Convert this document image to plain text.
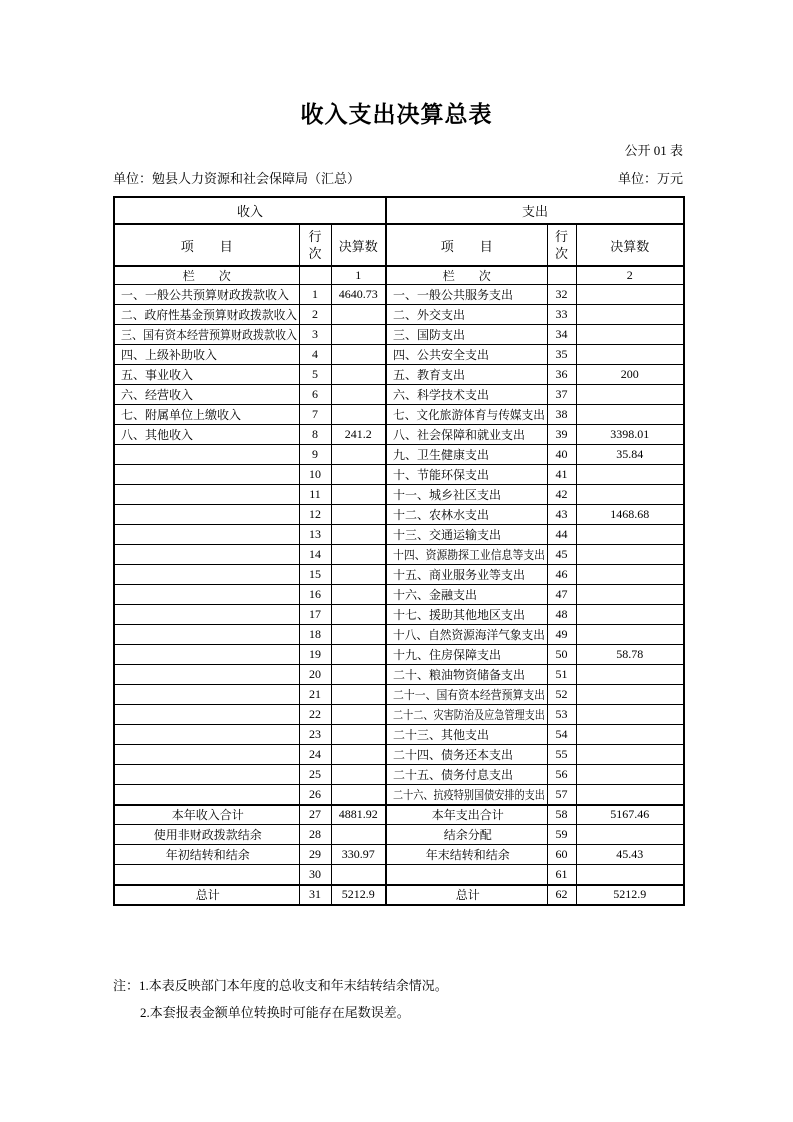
收入支出决算总表
公开 01 表
单位：勉县人力资源和社会保障局（汇总）	单位：万元
收入			支出		
项　　目	行次	决算数	项　　目	行次	决算数
栏　　次		1	栏　　次		2
一、一般公共预算财政拨款收入	1	4640.73	一、一般公共服务支出	32	
二、政府性基金预算财政拨款收入	2		二、外交支出	33	
三、国有资本经营预算财政拨款收入	3		三、国防支出	34	
四、上级补助收入	4		四、公共安全支出	35	
五、事业收入	5		五、教育支出	36	200
六、经营收入	6		六、科学技术支出	37	
七、附属单位上缴收入	7		七、文化旅游体育与传媒支出	38	
八、其他收入	8	241.2	八、社会保障和就业支出	39	3398.01
	9		九、卫生健康支出	40	35.84
	10		十、节能环保支出	41	
	11		十一、城乡社区支出	42	
	12		十二、农林水支出	43	1468.68
	13		十三、交通运输支出	44	
	14		十四、资源勘探工业信息等支出	45	
	15		十五、商业服务业等支出	46	
	16		十六、金融支出	47	
	17		十七、援助其他地区支出	48	
	18		十八、自然资源海洋气象支出	49	
	19		十九、住房保障支出	50	58.78
	20		二十、粮油物资储备支出	51	
	21		二十一、国有资本经营预算支出	52	
	22		二十二、灾害防治及应急管理支出	53	
	23		二十三、其他支出	54	
	24		二十四、债务还本支出	55	
	25		二十五、债务付息支出	56	
	26		二十六、抗疫特别国债安排的支出	57	
本年收入合计	27	4881.92	本年支出合计	58	5167.46
使用非财政拨款结余	28		结余分配	59	
年初结转和结余	29	330.97	年末结转和结余	60	45.43
	30			61	
总计	31	5212.9	总计	62	5212.9
注：1.本表反映部门本年度的总收支和年末结转结余情况。
2.本套报表金额单位转换时可能存在尾数误差。
